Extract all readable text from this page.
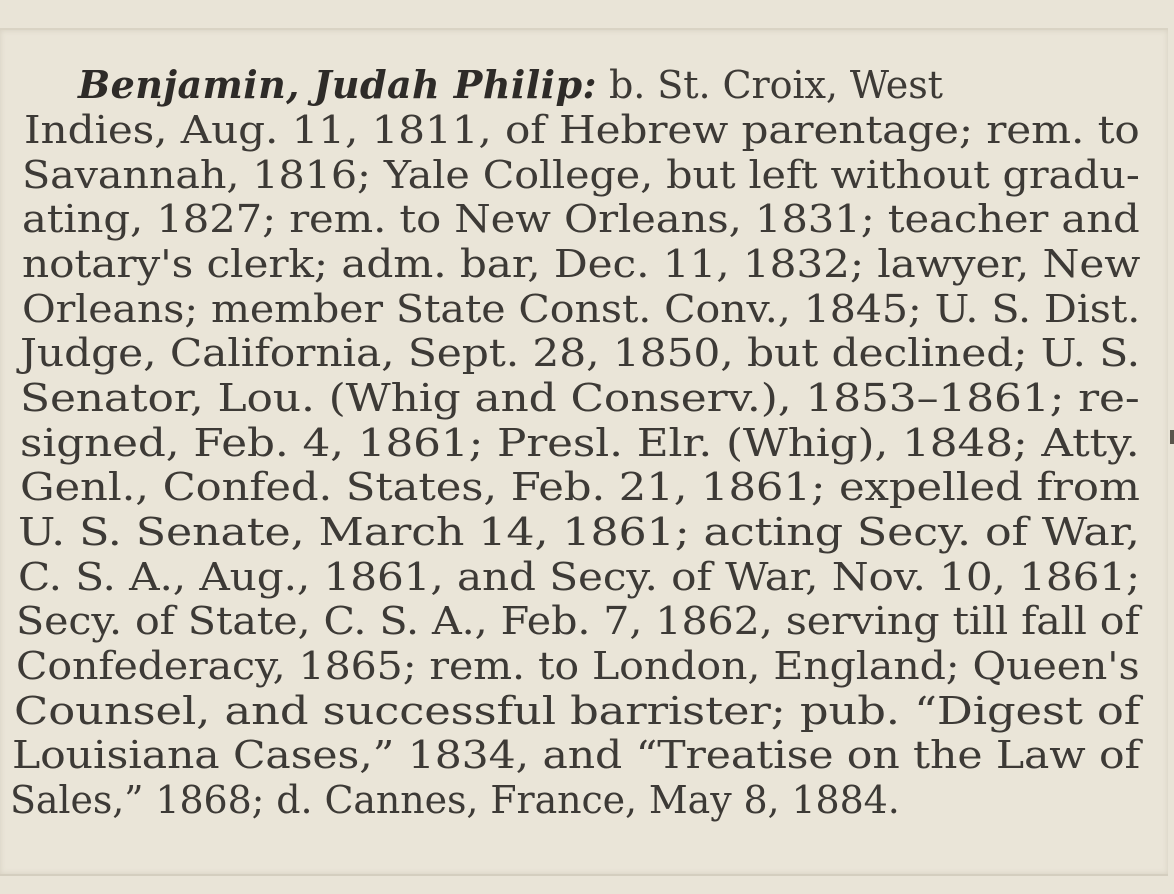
Benjamin, Judah Philip: b. St. Croix, West
Indies, Aug. 11, 1811, of Hebrew parentage; rem. to
Savannah, 1816; Yale College, but left without gradu-
ating, 1827; rem. to New Orleans, 1831; teacher and
notary's clerk; adm. bar, Dec. 11, 1832; lawyer, New
Orleans; member State Const. Conv., 1845; U. S. Dist.
Judge, California, Sept. 28, 1850, but declined; U. S.
Senator, Lou. (Whig and Conserv.), 1853–1861; re-
signed, Feb. 4, 1861; Presl. Elr. (Whig), 1848; Atty.
Genl., Confed. States, Feb. 21, 1861; expelled from
U. S. Senate, March 14, 1861; acting Secy. of War,
C. S. A., Aug., 1861, and Secy. of War, Nov. 10, 1861;
Secy. of State, C. S. A., Feb. 7, 1862, serving till fall of
Confederacy, 1865; rem. to London, England; Queen's
Counsel, and successful barrister; pub. “Digest of
Louisiana Cases,” 1834, and “Treatise on the Law of
Sales,” 1868; d. Cannes, France, May 8, 1884.
